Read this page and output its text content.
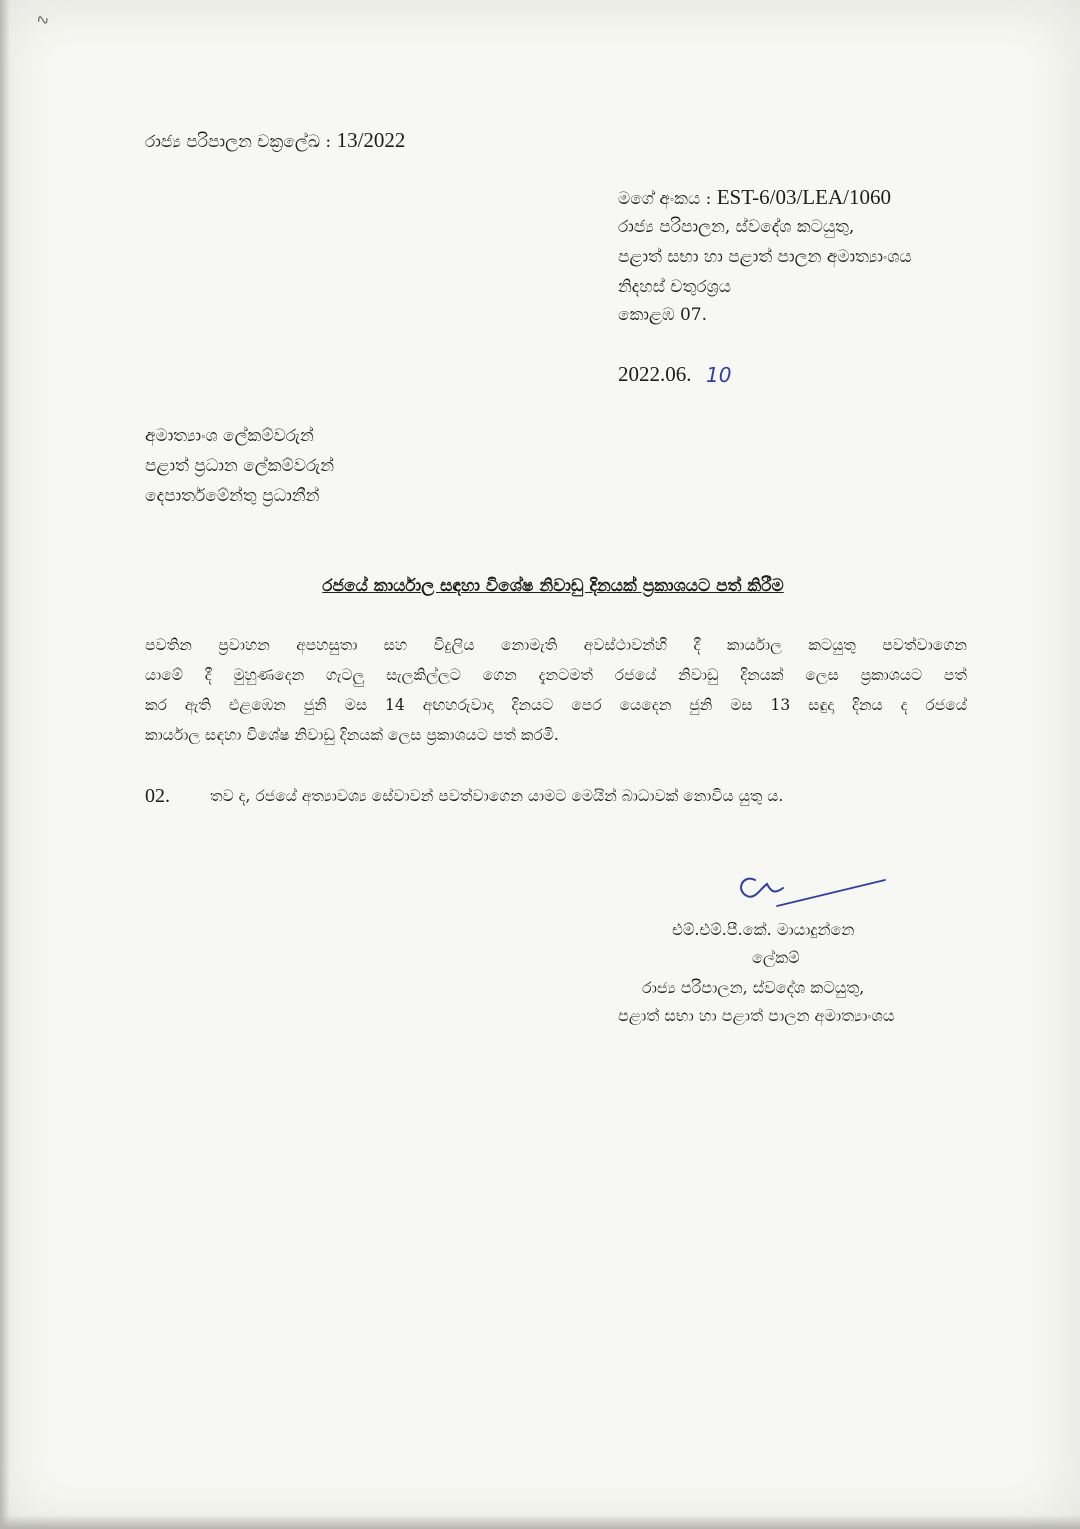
∿
රාජ්‍ය පරිපාලන චක්‍රලේඛ : 13/2022
මගේ අංකය : EST-6/03/LEA/1060
රාජ්‍ය පරිපාලන, ස්වදේශ කටයුතු,
පළාත් සභා හා පළාත් පාලන අමාත්‍යාංශය
නිදහස් චතුරශ්‍රය
කොළඹ 07.
2022.06. 10
අමාත්‍යාංශ ලේකම්වරුන්
පළාත් ප්‍රධාන ලේකම්වරුන්
දෙපාර්තමේන්තු ප්‍රධානීන්
රජයේ කාර්යාල සඳහා විශේෂ නිවාඩු දිනයක් ප්‍රකාශයට පත් කිරීම
පවතින ප්‍රවාහන අපහසුතා සහ විදුලිය නොමැති අවස්ථාවන්හි දී කාර්යාල කටයුතු පවත්වාගෙන
යාමේ දී මුහුණදෙන ගැටලු සැලකිල්ලට ගෙන දැනටමත් රජයේ නිවාඩු දිනයක් ලෙස ප්‍රකාශයට පත්
කර ඇති එළඹෙන ජුනි මස 14 අඟහරුවාදා දිනයට පෙර යෙදෙන ජුනි මස 13 සඳුදා දිනය ද රජයේ
කාර්යාල සඳහා විශේෂ නිවාඩු දිනයක් ලෙස ප්‍රකාශයට පත් කරමි.
02.	තව ද, රජයේ අත්‍යාවශ්‍ය සේවාවන් පවත්වාගෙන යාමට මෙයින් බාධාවක් නොවිය යුතු ය.
එම්.එම්.පී.කේ. මායාදුන්නෙ
ලේකම්
රාජ්‍ය පරිපාලන, ස්වදේශ කටයුතු,
පළාත් සභා හා පළාත් පාලන අමාත්‍යාංශය
